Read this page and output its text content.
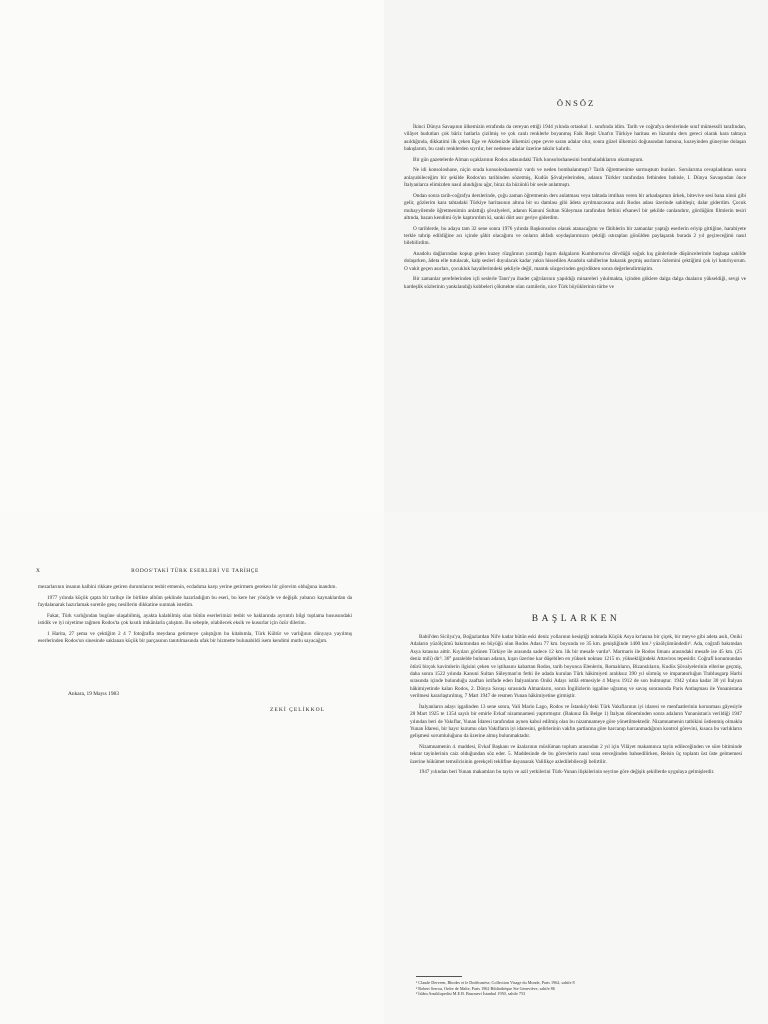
ÖNSÖZ

İkinci Dünya Savaşının ülkemizin etrafında da cereyan ettiği 1944 yılında ortaokul 1. sınıfında idim. Tarih ve coğrafya derslerinde sınıf mümessili tarafından, vilâyet hudutları çok bâriz hatlarla çizilmiş ve çok canlı renklerle boyanmış Faik Reşit Unat'ın Türkiye haritası en lüzumlu ders gereci olarak kara tahtaya asıldığında, dikkatimi ilk çeken Ege ve Akdenizde ülkemizi çepe çevre saran adalar olur, sonra güzel ülkemizi doğusundan batısına, kuzeyinden güneyine dolaşan bakışlarım, bu canlı renklerden sıyrılır, her nedense adalar üzerine takılır kalırdı.

Bir gün gazetelerde Alman uçaklarının Rodos adasındaki Türk konsoloshanesini bombaladıklarını okumuştum.

Ne idi konsoloshane, niçin orada konsoloshanemiz vardı ve neden bombalanmıştı? Tarih öğretmenime sormuştum bunları. Sorularıma cevapladıktan sonra anlayabileceğim bir şekilde Rodos'un tarihinden sözetmiş, Kudüs Şövalyelerinden, adanın Türkler tarafından fethinden bahisle, I. Dünya Savaşından önce İtalyanlarca elimizden nasıl alındığını ağır, biraz da hüzünlü bir sesle anlatmıştı.

Ondan sonra tarih-coğrafya derslerinde, çoğu zaman öğretmenin ders anlatması veya tahtada imtihan veren bir arkadaşımın ürkek, bitevive sesi bana ninni gibi gelir, gözlerim kara tahtadaki Türkiye haritasının altına bir su damlası gibi âdeta ayrılmazcasına asılı Rodos adası üzerinde sabitleşir, dalar giderdim. Çocuk muhayyilemde öğretmenimin anlattığı şövalyeleri, adanın Kanuni Sultan Süleyman tarafından fethini efsanevî bir şekilde canlandırır, gördüğüm filmlerin tesiri altında, bazan kendimi öyle kaptırırdım ki, sanki dört asır geriye giderdim.

O tarihlerde, bu adaya tam 32 sene sonra 1976 yılında Başkonsolos olarak atanacağımı ve fâtihlerin bir zamanlar yaptığı eserlerin eriyip gittiğine, harabiyete terkle tahrip edildiğine acı içinde şâhit olacağımı ve onların ahfadı soydaşlarımızın çektiği ıstıraplan gönülden paylaşarak burada 2 yıl geçireceğimi nasıl bilebilirdim.

Anadolu dağlarından kopup gelen kuzey rüzgârının yarattığı hışım dalgaların Kumburnu'nu dövdüğü soğuk kış günlerinde düşüncelerimle başbaşa sahilde dolaşırken, âdeta elle tutulacak, kalp sesleri duyulacak kadar yakın hissedilen Anadolu sahillerine bakarak geçmiş asırların özlemini çektiğimi çok iyi hatırlıyorum. O vakit geçen asırları, çocukluk hayallerimdeki şekliyle değil, mantık süzgecinden geçirdikten sonra değerlendirmiştim.

Bir zamanlar şerefelerinden içli seslerle Tanrı'ya ibadet çağrılarının yapıldığı minareleri yıkılmakta, içinden göklere dalga dalga duaların yükseldiği, sevgi ve kardeşlik sözlerinin yankılandığı kubbeleri çökmekte olan camilerin, nice Türk büyüklerinin türbe ve

X	RODOS'TAKİ TÜRK ESERLERİ VE TARİHÇE

mezarlarının insanın kalbini rikkate getiren durumlarını tesbit etmenin, ecdadıma karşı yerine getirmem gereken bir görevim olduğuna inandım.

1977 yılında küçük çapta bir tarihçe ile birlikte albüm şeklinde hazırladığım bu eseri, bu kere her yönüyle ve değişik yabancı kaynaklardan da faydalanarak hazırlamak suretile genç nesillerin dikkatine sunmak istedim.

Fakat, Türk varlığından bugüne ulaşabilmiş, ayakta kalabilmiş olan bütün eserlerimizi tesbit ve haklarında ayrıntılı bilgi toplama hususundaki istidik ve iyi niyetime rağmen Rodos'ta çok kısıtlı imkânlarla çalıştım. Bu sebeple, olabilecek eksik ve kusurlar için özür dilerim.

1 Harita, 27 şema ve çektiğim 2 4 7 fotoğrafla meydana getirmeye çalıştığım bu kitabımla, Türk Kültür ve varlığının dünyaya yayılmış eserlerinden Rodos'un sinesinde saklanan küçük bir parçasının tanıtılmasında ufak bir hizmette bulunabildi isem kendimi mutlu sayacağım.

Ankara, 19 Mayıs 1983
ZEKİ ÇELİKKOL
BAŞLARKEN

Babil'den Sicilya'ya, Boğazlardan Nil'e kadar bütün eski deniz yollarının kesiştiği noktada Küçük Asya kıt'asına bir çiçek, bir meyve gibi adeta asılı, Oniki Adaların yüzölçümü bakımından en büyüğü olan Rodos Adası 77 km. boyunda ve 35 km. genişliğinde 1400 km.² yüzölçümündedir¹. Ada, coğrafi bakımdan Asya kıtasına aittir. Kıyıları görünen Türkiye ile arasında sadece 12 km. lik bir mesafe vardır². Marmaris ile Rodos limanı arasındaki mesafe ise 45 km. (25 deniz mili) dir³. 36° paralelde bulunan adanın, kışın üzerine kar düşebilen en yüksek noktası 1215 m. yüksekliğindeki Attaviros tepesidir. Coğrafî konumundan ötürü birçok kavimlerin ilgisini çeken ve iştihasını kabartan Rodos, tarih boyunca Elenlerin, Romalıların, Bizanslıların, Kudüs Şövalyelerinin ellerine geçmiş, daha sonra 1522 yılında Kanuni Sultan Süleyman'ın fethi ile adada kurulan Türk hâkimiyeti aralıksız 390 yıl sürmüş ve imparatorluğun Trablusgarp Harbi sırasında içinde bulunduğu zaaftan istifade eden İtalyanların Oniki Adayı istilâ etmesiyle 4 Mayıs 1912 de son bulmuştur. 1942 yılına kadar 30 yıl İtalyan hâkimiyetinde kalan Rodos, 2. Dünya Savaşı sırasında Almanların, sonra İngilizlerin işgaline uğramış ve savaş sonrasında Paris Antlaşması ile Yunanistana verilmesi kararlaştırılmış, 7 Mart 1947 de resmen Yunan hâkimiyetine girmiştir.

İtalyanların adayı işgalinden 13 sene sonra, Vali Mario Lago, Rodos ve İstanköy'deki Türk Vakıflarının iyi idaresi ve menfaatlerinin korunması gâyesiyle 28 Mart 1925 te 1354 sayılı bir emirle Evkaf nizamnamesi yaptırmıştır. (Bakınız Ek Belge 1) İtalyan döneminden sonra adaların Yunanistan'a verildiği 1947 yılından beri de Vakıflar, Yunan İdaresi tarafından aynen kabul edilmiş olan bu nizamnameye göre yönetilmektedir. Nizamnamenin tatbikini üstlenmiş olmakla Yunan İdaresi, bir hayır kurumu olan Vakıfların iyi idaresini, gelirlerinin vakfın şartlarına göre harcanıp harcanmadığının kontrol görevini, kısaca bu varlıkların gelişmesi sorumluluğunu da üzerine almış bulunmaktadır.

Nizamnamenin 4. maddesi, Evkaf Başkanı ve âzalarının müslüman toplum arasından 2 yıl için Vilâyet makamınca tayin edileceğinden ve süre bitiminde tekrar tayinlerinin caiz olduğundan söz eder. 5. Maddesinde de bu görevlerin nasıl sona ereceğinden bahsedilirken, Reisin üç toplantı üst üste gelmemesi üzerine hükümet temsilcisinin gerekçeli teklifine dayanarak Valilikçe azledilebileceği belirtilir.

1947 yılından beri Yunan makamları bu tayin ve azil yetkilerini Türk-Yunan ilişkilerinin seyrine göre değişik şekillerde uygulaya gelmişlerdir.

¹ Claude Derveen, Rhodes et le Dodécanèse, Collection Visage du Monde, Paris 1962, sahife 8
² Robert Serrou, Ordre de Malte, Paris 1962 Bibliothèque Ste Geneviève, sahife 86
³ İslâm Ansiklopedisi M.E.B. Basımevi İstanbul 1950, sahife 753
